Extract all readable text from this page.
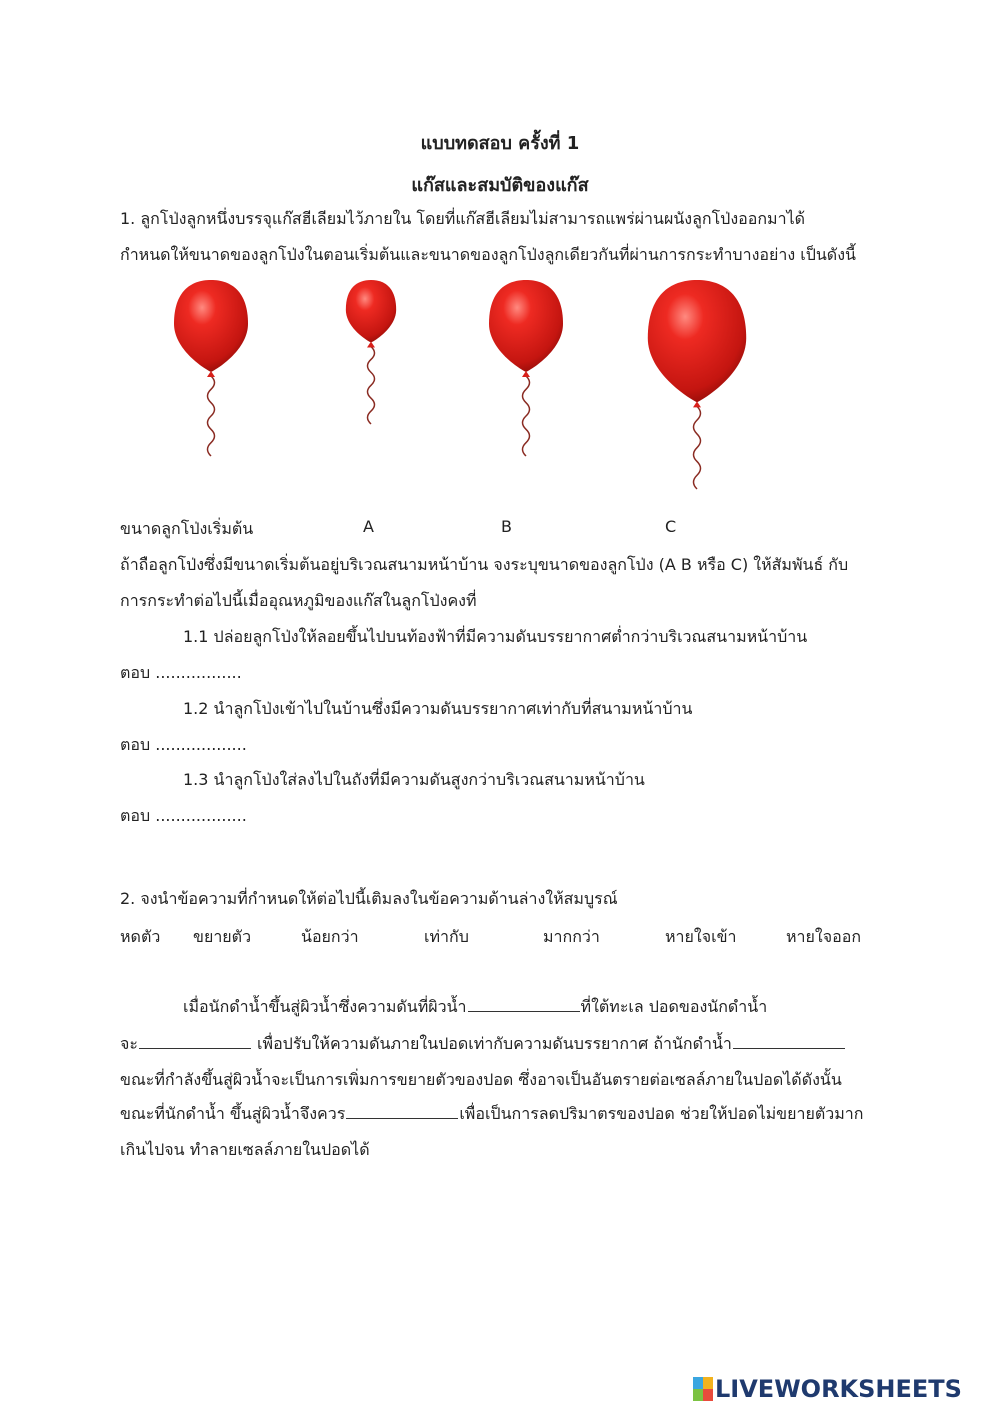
แบบทดสอบ ครั้งที่ 1
แก๊สและสมบัติของแก๊ส
1. ลูกโป่งลูกหนึ่งบรรจุแก๊สฮีเลียมไว้ภายใน โดยที่แก๊สฮีเลียมไม่สามารถแพร่ผ่านผนังลูกโป่งออกมาได้
กำหนดให้ขนาดของลูกโป่งในตอนเริ่มต้นและขนาดของลูกโป่งลูกเดียวกันที่ผ่านการกระทำบางอย่าง เป็นดังนี้
ขนาดลูกโป่งเริ่มต้น	A	B	C
ถ้าถือลูกโป่งซึ่งมีขนาดเริ่มต้นอยู่บริเวณสนามหน้าบ้าน จงระบุขนาดของลูกโป่ง (A B หรือ C) ให้สัมพันธ์ กับ
การกระทำต่อไปนี้เมื่ออุณหภูมิของแก๊สในลูกโป่งคงที่
1.1 ปล่อยลูกโป่งให้ลอยขึ้นไปบนท้องฟ้าที่มีความดันบรรยากาศต่ำกว่าบริเวณสนามหน้าบ้าน
ตอบ .................
1.2 นำลูกโป่งเข้าไปในบ้านซึ่งมีความดันบรรยากาศเท่ากับที่สนามหน้าบ้าน
ตอบ ..................
1.3 นำลูกโป่งใส่ลงไปในถังที่มีความดันสูงกว่าบริเวณสนามหน้าบ้าน
ตอบ ..................
2. จงนำข้อความที่กำหนดให้ต่อไปนี้เติมลงในข้อความด้านล่างให้สมบูรณ์
หดตัว ขยายตัว	น้อยกว่า	เท่ากับ	มากกว่า	หายใจเข้า	หายใจออก
เมื่อนักดำน้ำขึ้นสู่ผิวน้ำซึ่งความดันที่ผิวน้ำ	ที่ใต้ทะเล ปอดของนักดำน้ำ
จะ	เพื่อปรับให้ความดันภายในปอดเท่ากับความดันบรรยากาศ ถ้านักดำน้ำ
ขณะที่กำลังขึ้นสู่ผิวน้ำจะเป็นการเพิ่มการขยายตัวของปอด ซึ่งอาจเป็นอันตรายต่อเซลล์ภายในปอดได้ดังนั้น
ขณะที่นักดำน้ำ ขึ้นสู่ผิวน้ำจึงควร	เพื่อเป็นการลดปริมาตรของปอด ช่วยให้ปอดไม่ขยายตัวมาก
เกินไปจน ทำลายเซลล์ภายในปอดได้
LIVEWORKSHEETS
